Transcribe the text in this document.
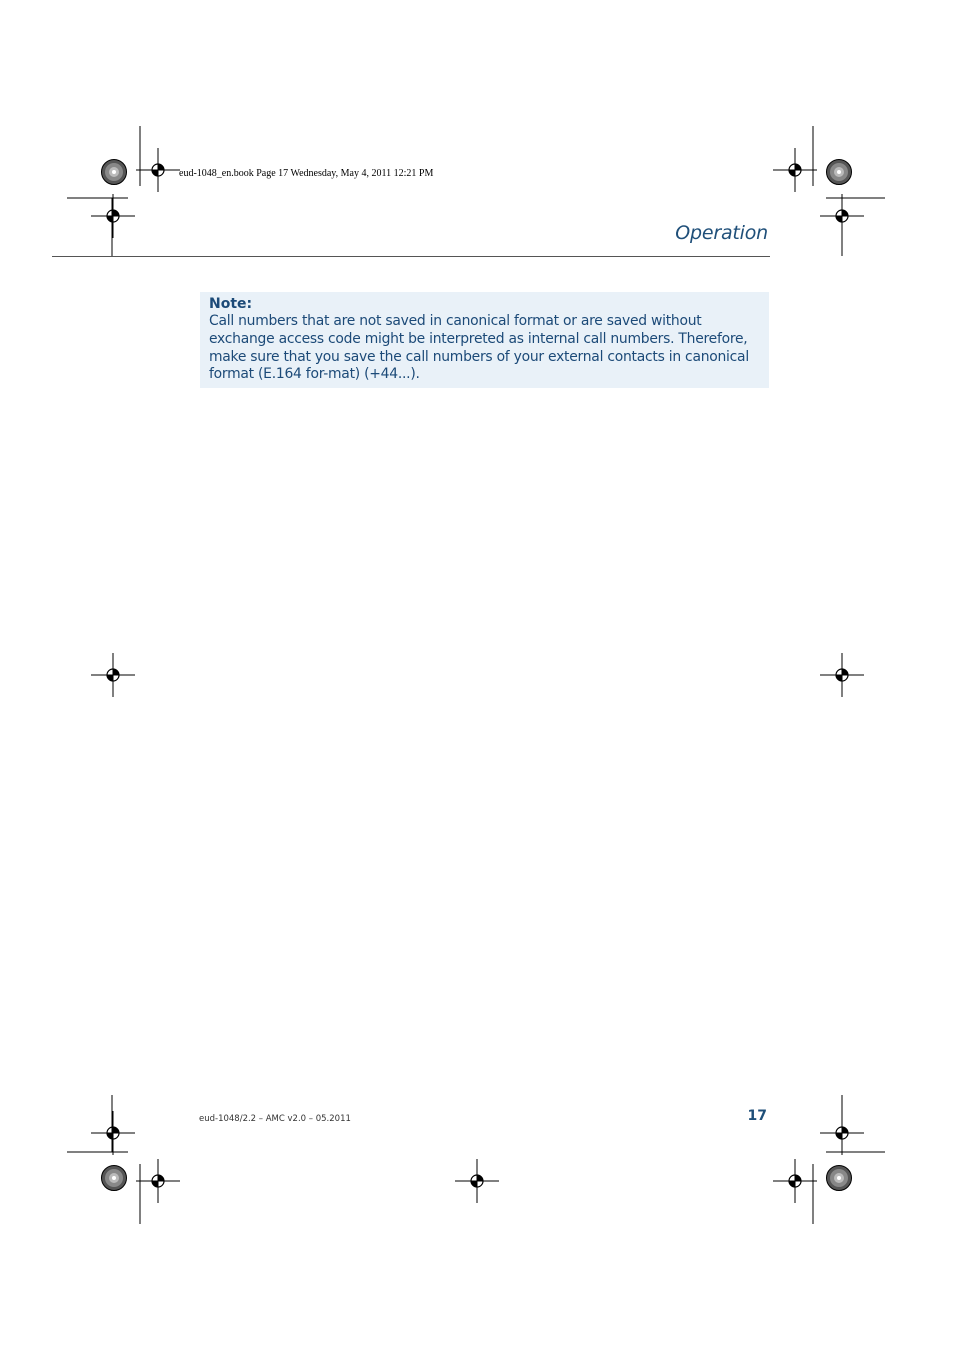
eud-1048_en.book Page 17 Wednesday, May 4, 2011 12:21 PM
Operation
Note:
Call numbers that are not saved in canonical format or are saved without exchange access code might be interpreted as internal call numbers. Therefore, make sure that you save the call numbers of your external contacts in canonical format (E.164 for-mat) (+44...).
eud-1048/2.2 – AMC v2.0 – 05.2011	17
